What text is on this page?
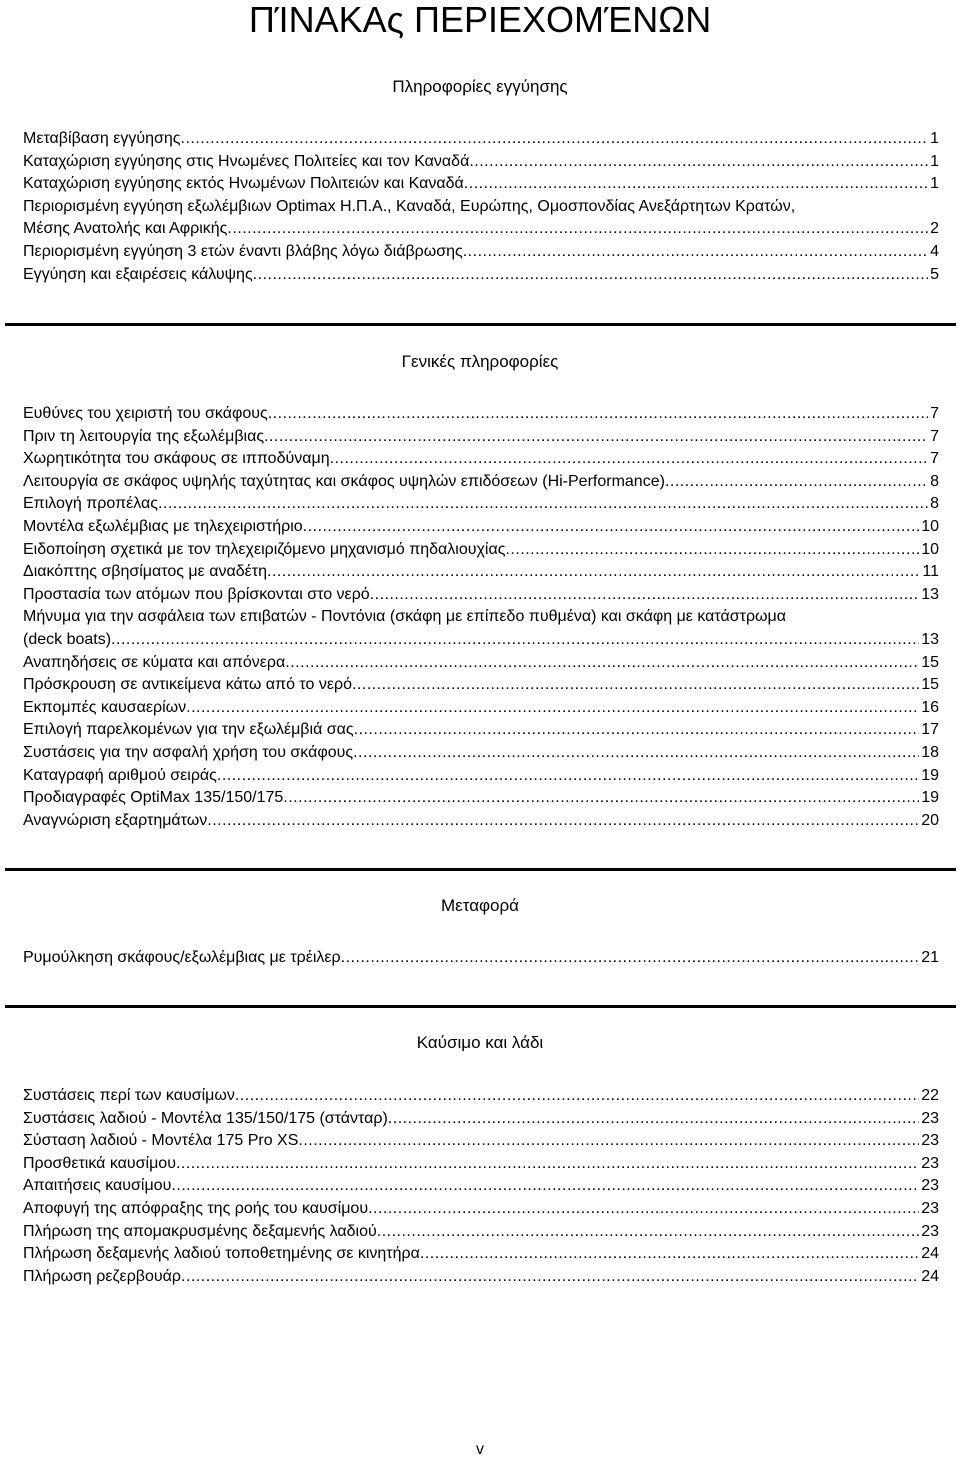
ΠΊΝΑΚΑς ΠΕΡΙΕΧΟΜΈΝΩΝ
Πληροφορίες εγγύησης
Μεταβίβαση εγγύησης .....	1
Καταχώριση εγγύησης στις Ηνωμένες Πολιτείες και τον Καναδά .....	1
Καταχώριση εγγύησης εκτός Ηνωμένων Πολιτειών και Καναδά .....	1
Περιορισμένη εγγύηση εξωλέμβιων Optimax Η.Π.Α., Καναδά, Ευρώπης, Ομοσπονδίας Ανεξάρτητων Κρατών,
Μέσης Ανατολής και Αφρικής .....	2
Περιορισμένη εγγύηση 3 ετών έναντι βλάβης λόγω διάβρωσης .....	4
Εγγύηση και εξαιρέσεις κάλυψης .....	5
Γενικές πληροφορίες
Ευθύνες του χειριστή του σκάφους .....	7
Πριν τη λειτουργία της εξωλέμβιας .....	7
Χωρητικότητα του σκάφους σε ιπποδύναμη .....	7
Λειτουργία σε σκάφος υψηλής ταχύτητας και σκάφος υψηλών επιδόσεων (Hi-Performance) .....	8
Επιλογή προπέλας .....	8
Μοντέλα εξωλέμβιας με τηλεχειριστήριο .....	10
Ειδοποίηση σχετικά με τον τηλεχειριζόμενο μηχανισμό πηδαλιουχίας .....	10
Διακόπτης σβησίματος με αναδέτη .....	11
Προστασία των ατόμων που βρίσκονται στο νερό .....	13
Μήνυμα για την ασφάλεια των επιβατών - Ποντόνια (σκάφη με επίπεδο πυθμένα) και σκάφη με κατάστρωμα
(deck boats) .....	13
Αναπηδήσεις σε κύματα και απόνερα .....	15
Πρόσκρουση σε αντικείμενα κάτω από το νερό .....	15
Εκπομπές καυσαερίων .....	16
Επιλογή παρελκομένων για την εξωλέμβιά σας .....	17
Συστάσεις για την ασφαλή χρήση του σκάφους .....	18
Καταγραφή αριθμού σειράς .....	19
Προδιαγραφές OptiMax 135/150/175 .....	19
Αναγνώριση εξαρτημάτων .....	20
Μεταφορά
Ρυμούλκηση σκάφους/εξωλέμβιας με τρέιλερ .....	21
Καύσιμο και λάδι
Συστάσεις περί των καυσίμων .....	22
Συστάσεις λαδιού - Μοντέλα 135/150/175 (στάνταρ) .....	23
Σύσταση λαδιού - Μοντέλα 175 Pro XS .....	23
Προσθετικά καυσίμου .....	23
Απαιτήσεις καυσίμου .....	23
Αποφυγή της απόφραξης της ροής του καυσίμου .....	23
Πλήρωση της απομακρυσμένης δεξαμενής λαδιού .....	23
Πλήρωση δεξαμενής λαδιού τοποθετημένης σε κινητήρα .....	24
Πλήρωση ρεζερβουάρ .....	24
v
